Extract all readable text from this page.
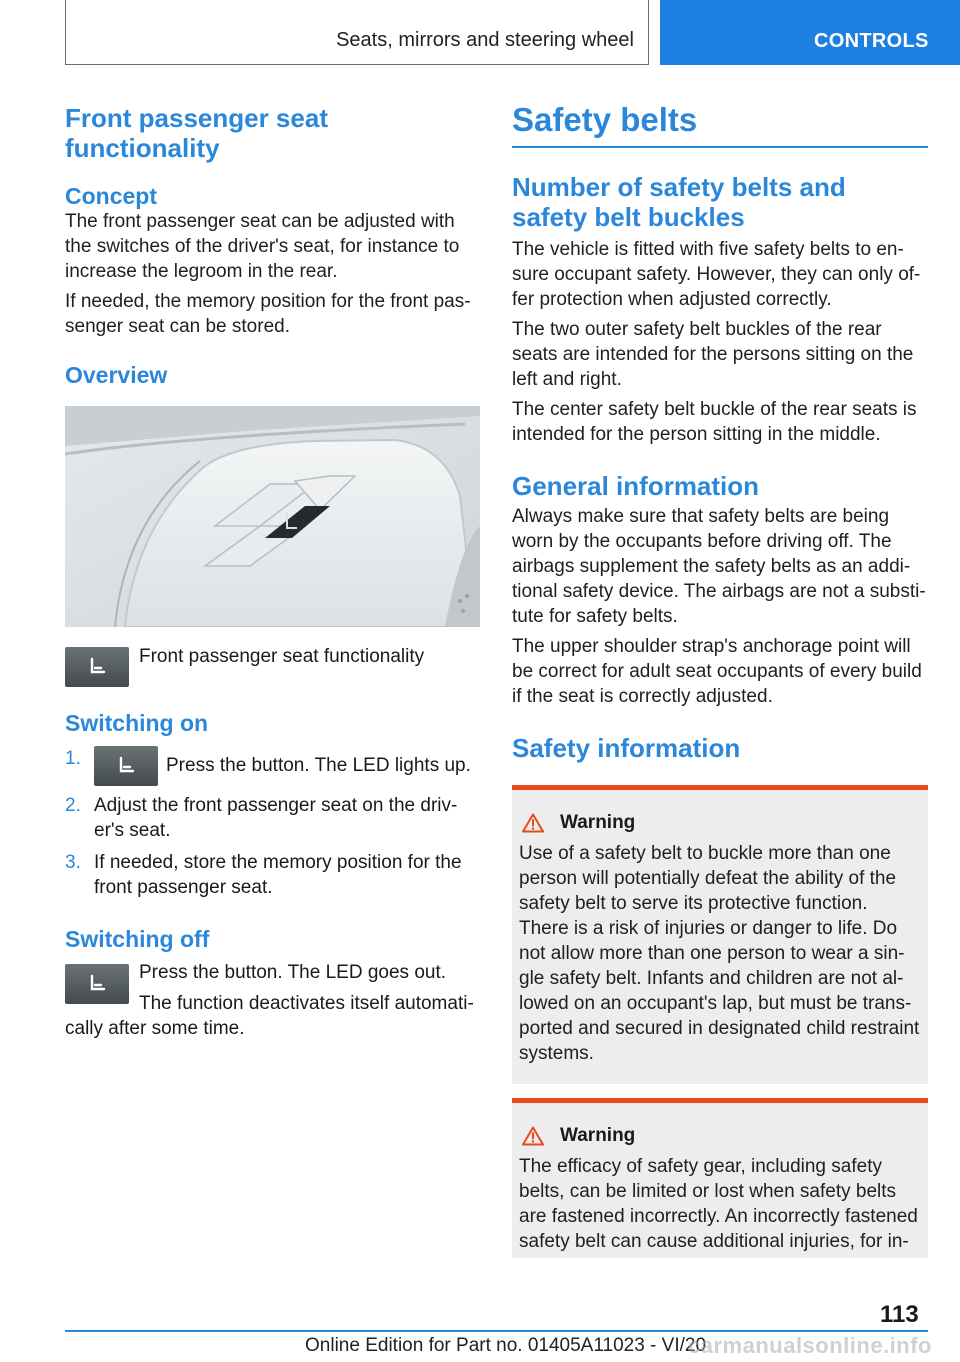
Seats, mirrors and steering wheel	CONTROLS
Front passenger seat functionality
Concept

The front passenger seat can be adjusted with the switches of the driver's seat, for instance to increase the legroom in the rear.

If needed, the memory position for the front pas-senger seat can be stored.

Overview
Front passenger seat functionality
Switching on
1.	Press the button. The LED lights up.
2. Adjust the front passenger seat on the driv-er's seat.
3. If needed, store the memory position for the front passenger seat.
Switching off

Press the button. The LED goes out.

The function deactivates itself automati-cally after some time.

Safety belts
Number of safety belts and safety belt buckles

The vehicle is fitted with five safety belts to en-sure occupant safety. However, they can only of-fer protection when adjusted correctly.

The two outer safety belt buckles of the rear seats are intended for the persons sitting on the left and right.

The center safety belt buckle of the rear seats is intended for the person sitting in the middle.

General information

Always make sure that safety belts are being worn by the occupants before driving off. The airbags supplement the safety belts as an addi-tional safety device. The airbags are not a substi-tute for safety belts.

The upper shoulder strap's anchorage point will be correct for adult seat occupants of every build if the seat is correctly adjusted.

Safety information
Warning

Use of a safety belt to buckle more than one person will potentially defeat the ability of the safety belt to serve its protective function. There is a risk of injuries or danger to life. Do not allow more than one person to wear a sin-gle safety belt. Infants and children are not al-lowed on an occupant's lap, but must be trans-ported and secured in designated child restraint systems.

Warning

The efficacy of safety gear, including safety belts, can be limited or lost when safety belts are fastened incorrectly. An incorrectly fastened safety belt can cause additional injuries, for in-

113
Online Edition for Part no. 01405A11023 - VI/20
carmanualsonline.info
